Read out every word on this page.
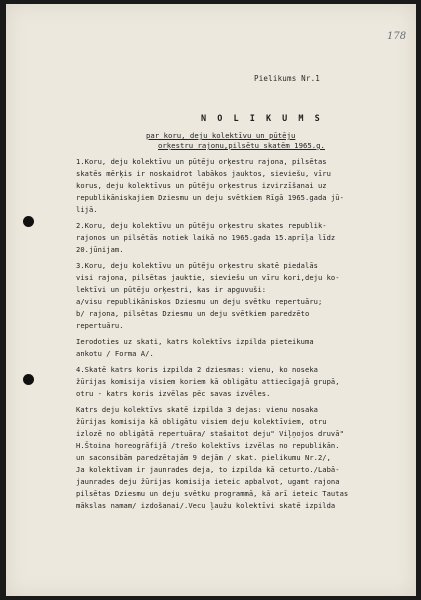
178
Pielikums Nr.1
N O L I K U M S
par koru, deju kolektīvu un pūtēju
orķestru rajonu,pilsētu skatēm 1965.g.
1.Koru, deju kolektīvu un pūtēju orķestru rajona, pilsētas
skatēs mērķis ir noskaidrot labākos jauktos, sieviešu, vīru
korus, deju kolektīvus un pūtēju orķestrus izvirzīšanai uz
republikāniskajiem Dziesmu un deju svētkiem Rīgā 1965.gada jū-
lijā.
2.Koru, deju kolektīvu un pūtēju orķestru skates republik-
rajonos un pilsētās notiek laikā no 1965.gada 15.aprīļa līdz
20.jūnijam.
3.Koru, deju kolektīvu un pūtēju orķestru skatē piedalās
visi rajona, pilsētas jauktie, sieviešu un vīru kori,deju ko-
lektīvi un pūtēju orķestri, kas ir apguvuši:
a/visu republikāniskos Dziesmu un deju svētku repertuāru;
b/ rajona, pilsētas Dziesmu un deju svētkiem paredzēto
repertuāru.
Ierodoties uz skati, katrs kolektīvs izpilda pieteikuma
ankotu / Forma A/.
4.Skatē katrs koris izpilda 2 dziesmas: vienu, ko noseka
žūrijas komisija visiem koriem kā obligātu attiecīgajā grupā,
otru - katrs koris izvēlas pēc savas izvēles.
Katrs deju kolektīvs skatē izpilda 3 dejas: vienu nosaka
žūrijas komisija kā obligātu visiem deju kolektīviem, otru
izlozē no obligātā repertuāra/ stašaitot deju" Viļņojos druvā"
H.Štoina horeogrāfijā /trešo kolektīvs izvēlas no republikān.
un saconsibām paredzētajām 9 dejām / skat. pielikumu Nr.2/,
Ja kolektīvam ir jaunrades deja, to izpilda kā ceturto./Labā-
jaunrades deju žūrijas komisija ieteic apbalvot, ugamt rajona
pilsētas Dziesmu un deju svētku programmā, kā arī ieteic Tautas
mākslas namam/ izdošanai/.Vecu ļaužu kolektīvi skatē izpilda
